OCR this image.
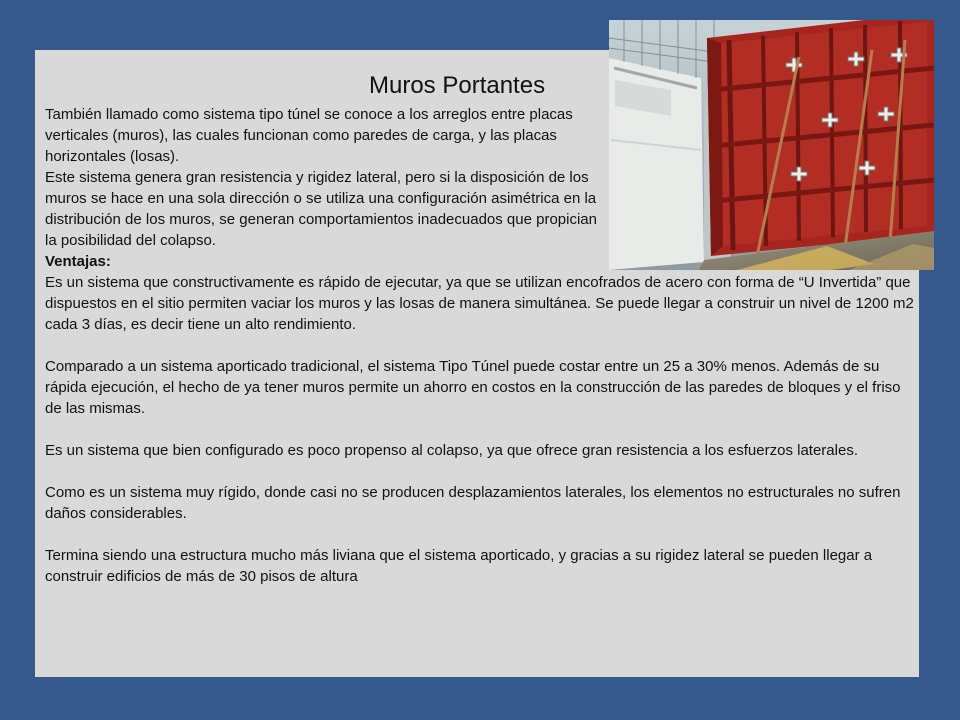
Muros Portantes

También llamado como sistema tipo túnel se conoce a los arreglos entre placas verticales (muros), las cuales funcionan como paredes de carga, y las placas horizontales (losas).

Este sistema genera gran resistencia y rigidez lateral, pero si la disposición de los muros se hace en una sola dirección o se utiliza una configuración asimétrica en la distribución de los muros, se generan comportamientos inadecuados que propician la posibilidad del colapso.

Ventajas:

Es un sistema que constructivamente es rápido de ejecutar, ya que se utilizan encofrados de acero con forma de “U Invertida” que dispuestos en el sitio permiten vaciar los muros y las losas de manera simultánea. Se puede llegar a construir un nivel de 1200 m2 cada 3 días, es decir tiene un alto rendimiento.

Comparado a un sistema aporticado tradicional, el sistema Tipo Túnel puede costar entre un 25 a 30% menos. Además de su rápida ejecución, el hecho de ya tener muros permite un ahorro en costos en la construcción de las paredes de bloques y el friso de las mismas.

Es un sistema que bien configurado es poco propenso al colapso, ya que ofrece gran resistencia a los esfuerzos laterales.

Como es un sistema muy rígido, donde casi no se producen desplazamientos laterales, los elementos no estructurales no sufren daños considerables.

Termina siendo una estructura mucho más liviana que el sistema aporticado, y gracias a su rigidez lateral se pueden llegar a construir edificios de más de 30 pisos de altura
